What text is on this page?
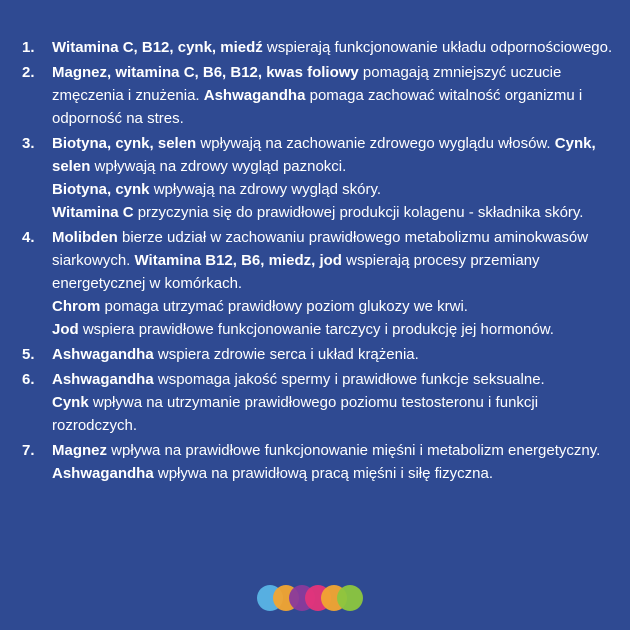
1. Witamina C, B12, cynk, miedź wspierają funkcjonowanie układu odpornościowego.

2. Magnez, witamina C, B6, B12, kwas foliowy pomagają zmniejszyć uczucie zmęczenia i znużenia. Ashwagandha pomaga zachować witalność organizmu i odporność na stres.

3. Biotyna, cynk, selen wpływają na zachowanie zdrowego wyglądu włosów. Cynk, selen wpływają na zdrowy wygląd paznokci.

Biotyna, cynk wpływają na zdrowy wygląd skóry.

Witamina C przyczynia się do prawidłowej produkcji kolagenu - składnika skóry.

4. Molibden bierze udział w zachowaniu prawidłowego metabolizmu aminokwasów siarkowych. Witamina B12, B6, miedz, jod wspierają procesy przemiany energetycznej w komórkach.

Chrom pomaga utrzymać prawidłowy poziom glukozy we krwi.

Jod wspiera prawidłowe funkcjonowanie tarczycy i produkcję jej hormonów.

5. Ashwagandha wspiera zdrowie serca i układ krążenia.

6. Ashwagandha wspomaga jakość spermy i prawidłowe funkcje seksualne.

Cynk wpływa na utrzymanie prawidłowego poziomu testosteronu i funkcji rozrodczych.

7. Magnez wpływa na prawidłowe funkcjonowanie mięśni i metabolizm energetyczny.

Ashwagandha wpływa na prawidłową pracą mięśni i siłę fizyczna.
